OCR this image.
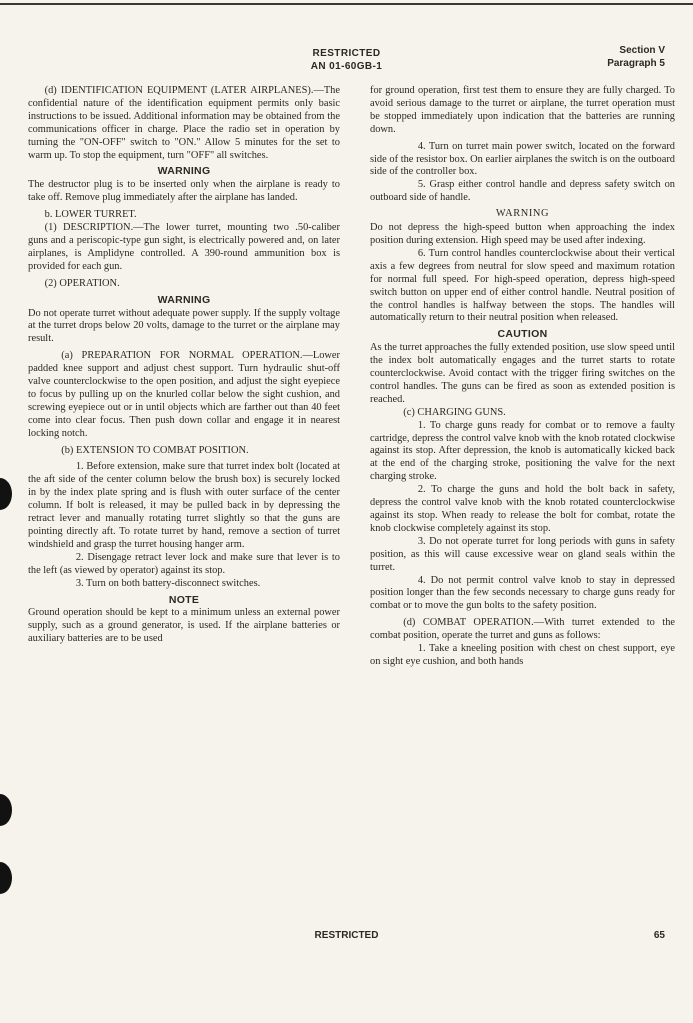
RESTRICTED
AN 01-60GB-1
Section V
Paragraph 5

(d) IDENTIFICATION EQUIPMENT (LATER AIRPLANES).—The confidential nature of the identification equipment permits only basic instructions to be issued. Additional information may be obtained from the communications officer in charge. Place the radio set in operation by turning the "ON-OFF" switch to "ON." Allow 5 minutes for the set to warm up. To stop the equipment, turn "OFF" all switches.

WARNING

The destructor plug is to be inserted only when the airplane is ready to take off. Remove plug immediately after the airplane has landed.

b. LOWER TURRET.

(1) DESCRIPTION.—The lower turret, mounting two .50-caliber guns and a periscopic-type gun sight, is electrically powered and, on later airplanes, is Amplidyne controlled. A 390-round ammunition box is provided for each gun.

(2) OPERATION.

WARNING

Do not operate turret without adequate power supply. If the supply voltage at the turret drops below 20 volts, damage to the turret or the airplane may result.

(a) PREPARATION FOR NORMAL OPERATION.—Lower padded knee support and adjust chest support. Turn hydraulic shut-off valve counterclockwise to the open position, and adjust the sight eyepiece to focus by pulling up on the knurled collar below the sight cushion, and screwing eyepiece out or in until objects which are farther out than 40 feet come into clear focus. Then push down collar and engage it in nearest locking notch.

(b) EXTENSION TO COMBAT POSITION.

1. Before extension, make sure that turret index bolt (located at the aft side of the center column below the brush box) is securely locked in by the index plate spring and is flush with outer surface of the center column. If bolt is released, it may be pulled back in by depressing the retract lever and manually rotating turret slightly so that the guns are pointing directly aft. To rotate turret by hand, remove a section of turret windshield and grasp the turret housing hanger arm.

2. Disengage retract lever lock and make sure that lever is to the left (as viewed by operator) against its stop.

3. Turn on both battery-disconnect switches.

NOTE

Ground operation should be kept to a minimum unless an external power supply, such as a ground generator, is used. If the airplane batteries or auxiliary batteries are to be used

for ground operation, first test them to ensure they are fully charged. To avoid serious damage to the turret or airplane, the turret operation must be stopped immediately upon indication that the batteries are running down.

4. Turn on turret main power switch, located on the forward side of the resistor box. On earlier airplanes the switch is on the outboard side of the controller box.

5. Grasp either control handle and depress safety switch on outboard side of handle.

WARNING

Do not depress the high-speed button when approaching the index position during extension. High speed may be used after indexing.

6. Turn control handles counterclockwise about their vertical axis a few degrees from neutral for slow speed and maximum rotation for normal full speed. For high-speed operation, depress high-speed switch button on upper end of either control handle. Neutral position of the control handles is halfway between the stops. The handles will automatically return to their neutral position when released.

CAUTION

As the turret approaches the fully extended position, use slow speed until the index bolt automatically engages and the turret starts to rotate counterclockwise. Avoid contact with the trigger firing switches on the control handles. The guns can be fired as soon as extended position is reached.

(c) CHARGING GUNS.

1. To charge guns ready for combat or to remove a faulty cartridge, depress the control valve knob with the knob rotated clockwise against its stop. After depression, the knob is automatically kicked back at the end of the charging stroke, positioning the valve for the next charging stroke.

2. To charge the guns and hold the bolt back in safety, depress the control valve knob with the knob rotated counterclockwise against its stop. When ready to release the bolt for combat, rotate the knob clockwise completely against its stop.

3. Do not operate turret for long periods with guns in safety position, as this will cause excessive wear on gland seals within the turret.

4. Do not permit control valve knob to stay in depressed position longer than the few seconds necessary to charge guns ready for combat or to move the gun bolts to the safety position.

(d) COMBAT OPERATION.—With turret extended to the combat position, operate the turret and guns as follows:

1. Take a kneeling position with chest on chest support, eye on sight eye cushion, and both hands

RESTRICTED	65
